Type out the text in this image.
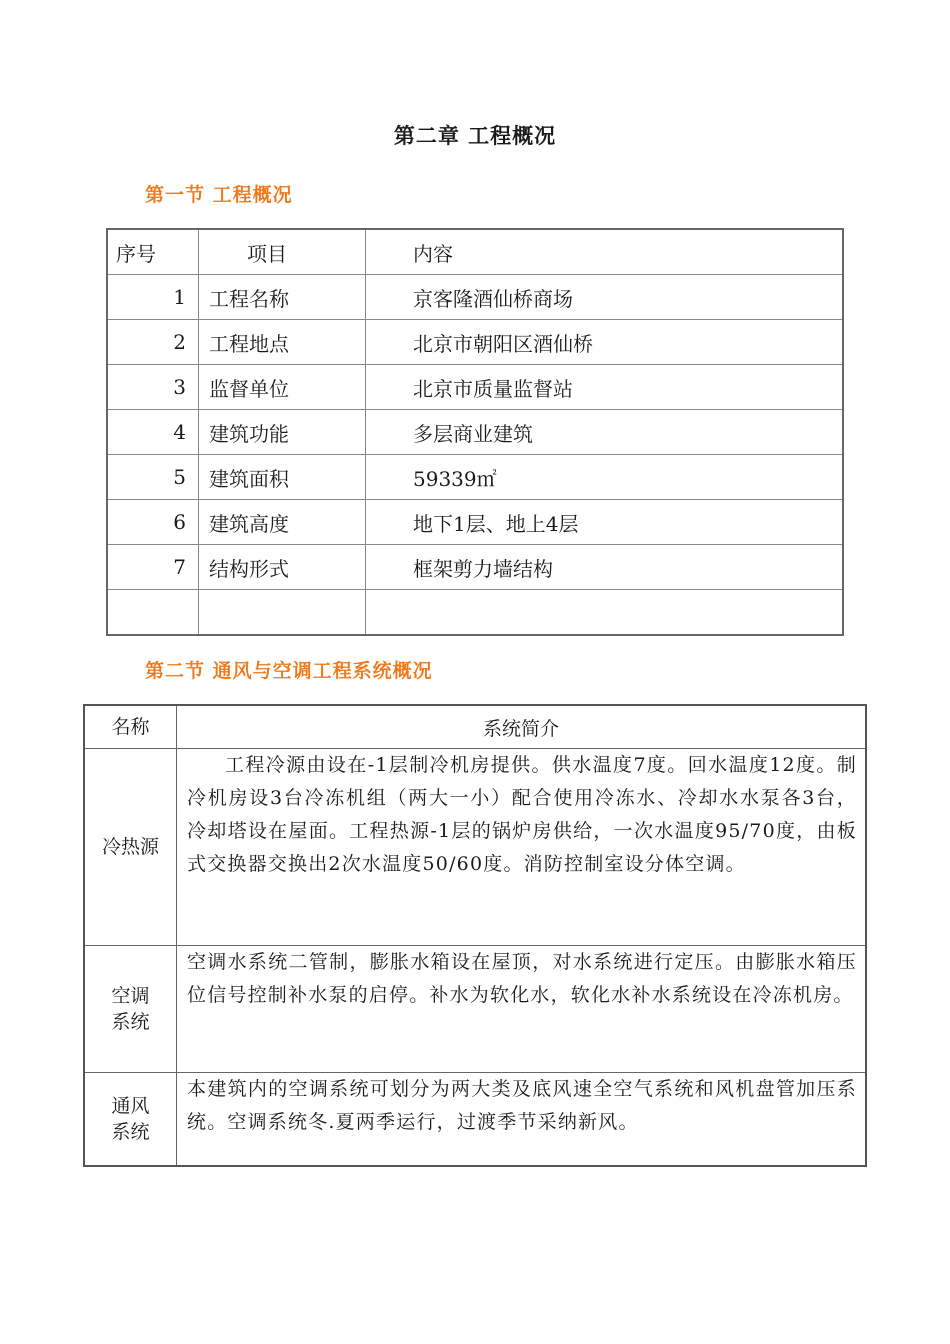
第二章 工程概况
第一节 工程概况
序号	项目	内容
1	工程名称	京客隆酒仙桥商场
2	工程地点	北京市朝阳区酒仙桥
3	监督单位	北京市质量监督站
4	建筑功能	多层商业建筑
5	建筑面积	59339㎡
6	建筑高度	地下1层、地上4层
7	结构形式	框架剪力墙结构

第二节 通风与空调工程系统概况
名称	系统简介

冷热源	工程冷源由设在-1层制冷机房提供。供水温度7度。回水温度12度。制冷机房设3台冷冻机组（两大一小）配合使用冷冻水、冷却水水泵各3台，冷却塔设在屋面。工程热源-1层的锅炉房供给，一次水温度95/70度，由板式交换器交换出2次水温度50/60度。消防控制室设分体空调。

空调
系统	空调水系统二管制，膨胀水箱设在屋顶，对水系统进行定压。由膨胀水箱压位信号控制补水泵的启停。补水为软化水，软化水补水系统设在冷冻机房。

通风
系统	本建筑内的空调系统可划分为两大类及底风速全空气系统和风机盘管加压系统。空调系统冬.夏两季运行，过渡季节采纳新风。
